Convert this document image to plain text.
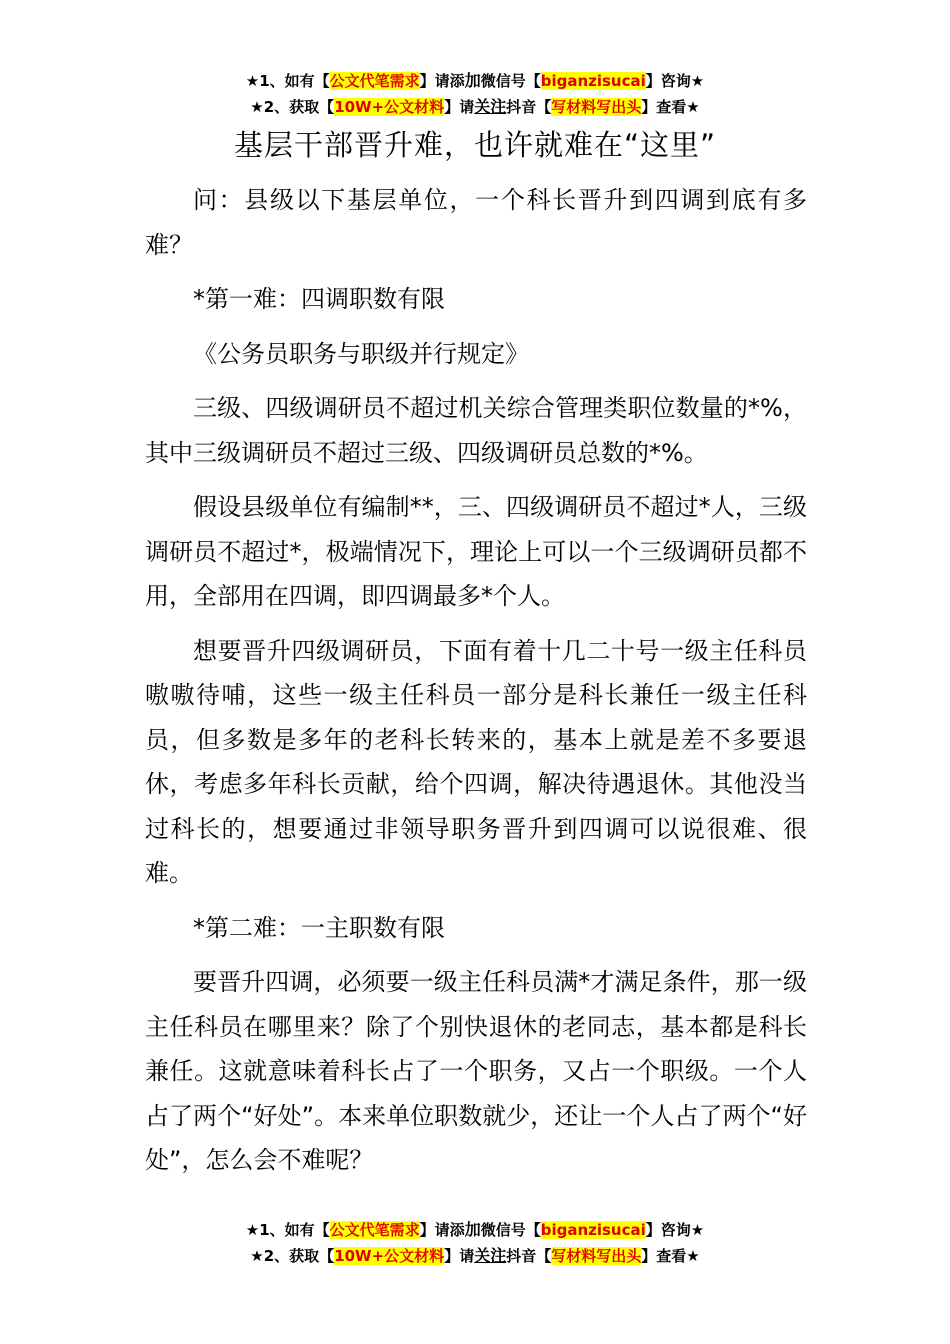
★1、如有【公文代笔需求】请添加微信号【biganzisucai】咨询★
★2、获取【10W+公文材料】请关注抖音【写材料写出头】查看★
基层干部晋升难，也许就难在“这里”

问：县级以下基层单位，一个科长晋升到四调到底有多难？

*第一难：四调职数有限

《公务员职务与职级并行规定》

三级、四级调研员不超过机关综合管理类职位数量的*%，其中三级调研员不超过三级、四级调研员总数的*%。

假设县级单位有编制**，三、四级调研员不超过*人，三级调研员不超过*，极端情况下，理论上可以一个三级调研员都不用，全部用在四调，即四调最多*个人。

想要晋升四级调研员，下面有着十几二十号一级主任科员嗷嗷待哺，这些一级主任科员一部分是科长兼任一级主任科员，但多数是多年的老科长转来的，基本上就是差不多要退休，考虑多年科长贡献，给个四调，解决待遇退休。其他没当过科长的，想要通过非领导职务晋升到四调可以说很难、很难。

*第二难：一主职数有限

要晋升四调，必须要一级主任科员满*才满足条件，那一级主任科员在哪里来？除了个别快退休的老同志，基本都是科长兼任。这就意味着科长占了一个职务，又占一个职级。一个人占了两个“好处”。本来单位职数就少，还让一个人占了两个“好处”，怎么会不难呢？

★1、如有【公文代笔需求】请添加微信号【biganzisucai】咨询★
★2、获取【10W+公文材料】请关注抖音【写材料写出头】查看★
